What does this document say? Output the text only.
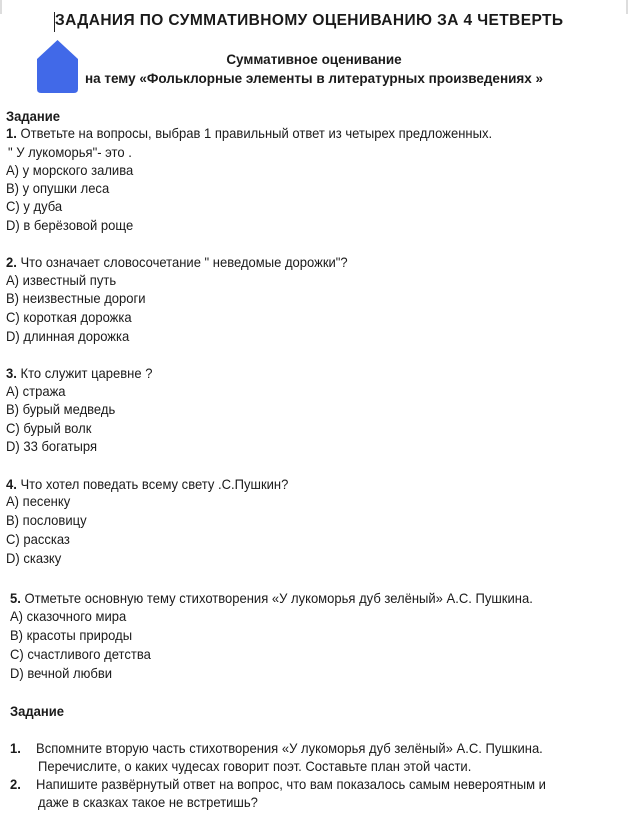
ЗАДАНИЯ ПО СУММАТИВНОМУ ОЦЕНИВАНИЮ ЗА 4 ЧЕТВЕРТЬ
Суммативное оценивание
на тему «Фольклорные элементы в литературных произведениях »
Задание
1. Ответьте на вопросы, выбрав 1 правильный ответ из четырех предложенных.
" У лукоморья"- это .
A) у морского залива
B) у опушки леса
C) у дуба
D) в берёзовой роще
2. Что означает словосочетание " неведомые дорожки"?
A) известный путь
B) неизвестные дороги
C) короткая дорожка
D) длинная дорожка
3. Кто служит царевне ?
A) стража
B) бурый медведь
C) бурый волк
D) 33 богатыря
4. Что хотел поведать всему свету .С.Пушкин?
A) песенку
B) пословицу
C) рассказ
D) сказку
5. Отметьте основную тему стихотворения «У лукоморья дуб зелёный» А.С. Пушкина.
A) сказочного мира
B) красоты природы
C) счастливого детства
D) вечной любви
Задание
1. Вспомните вторую часть стихотворения «У лукоморья дуб зелёный» А.С. Пушкина.
Перечислите, о каких чудесах говорит поэт. Составьте план этой части.
2. Напишите развёрнутый ответ на вопрос, что вам показалось самым невероятным и
даже в сказках такое не встретишь?
